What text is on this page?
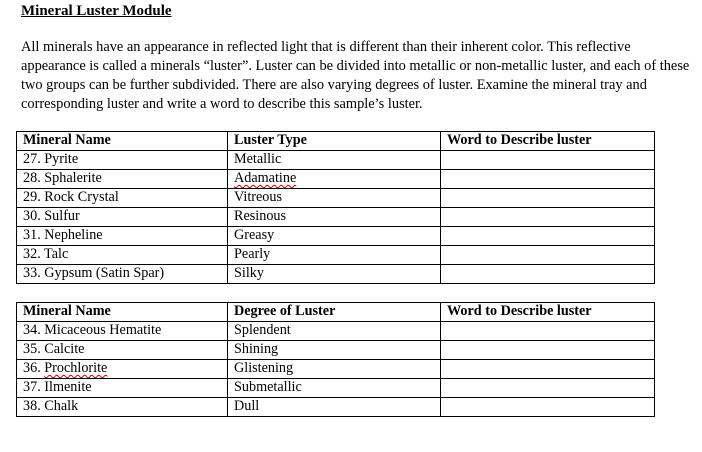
Mineral Luster Module

All minerals have an appearance in reflected light that is different than their inherent color. This reflective appearance is called a minerals “luster”. Luster can be divided into metallic or non-metallic luster, and each of these two groups can be further subdivided. There are also varying degrees of luster. Examine the mineral tray and corresponding luster and write a word to describe this sample’s luster.

Mineral Name	Luster Type	Word to Describe luster
27. Pyrite	Metallic	
28. Sphalerite	Adamatine	
29. Rock Crystal	Vitreous	
30. Sulfur	Resinous	
31. Nepheline	Greasy	
32. Talc	Pearly	
33. Gypsum (Satin Spar)	Silky	
Mineral Name	Degree of Luster	Word to Describe luster
34. Micaceous Hematite	Splendent	
35. Calcite	Shining	
36. Prochlorite	Glistening	
37. Ilmenite	Submetallic	
38. Chalk	Dull	
